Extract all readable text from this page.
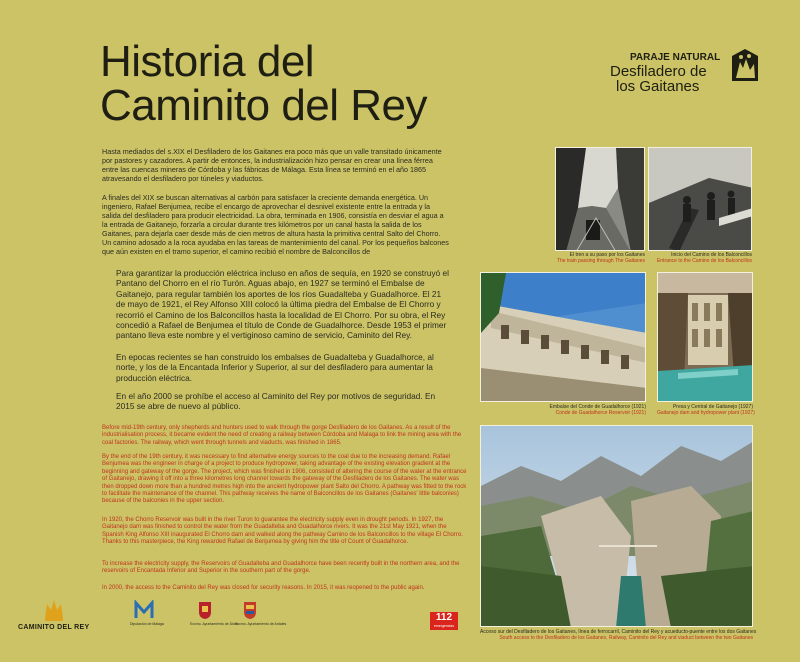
Historia del
Caminito del Rey
PARAJE NATURAL
Desfiladero de
los Gaitanes

Hasta mediados del s.XIX el Desfiladero de los Gaitanes era poco más que un valle transitado únicamente por pastores y cazadores. A partir de entonces, la industrialización hizo pensar en crear una línea férrea entre las cuencas mineras de Córdoba y las fábricas de Málaga. Esta línea se terminó en el año 1865 atravesando el desfiladero por túneles y viaductos.

A finales del XIX se buscan alternativas al carbón para satisfacer la creciente demanda energética. Un ingeniero, Rafael Benjumea, recibe el encargo de aprovechar el desnivel existente entre la entrada y la salida del desfiladero para producir electricidad. La obra, terminada en 1906, consistía en desviar el agua a la entrada de Gaitanejo, forzarla a circular durante tres kilómetros por un canal hasta la salida de los Gaitanes, para dejarla caer desde más de cien metros de altura hasta la primitiva central Salto del Chorro. Un camino adosado a la roca ayudaba en las tareas de mantenimiento del canal. Por los pequeños balcones que aún existen en el tramo superior, el camino recibió el nombre de Balconcillos de

Para garantizar la producción eléctrica incluso en años de sequía, en 1920 se construyó el Pantano del Chorro en el río Turón. Aguas abajo, en 1927 se terminó el Embalse de Gaitanejo, para regular también los aportes de los ríos Guadalteba y Guadalhorce. El 21 de mayo de 1921, el Rey Alfonso XIII colocó la última piedra del Embalse de El Chorro y recorrió el Camino de los Balconcillos hasta la localidad de El Chorro. Por su obra, el Rey concedió a Rafael de Benjumea el título de Conde de Guadalhorce. Desde 1953 el primer pantano lleva este nombre y el vertiginoso camino de servicio, Caminito del Rey.

En epocas recientes se han construido los embalses de Guadalteba y Guadalhorce, al norte, y los de la Encantada Inferior y Superior, al sur del desfiladero para aumentar la producción eléctrica.

En el año 2000 se prohíbe el acceso al Caminito del Rey por motivos de seguridad. En 2015 se abre de nuevo al público.

Before mid-19th century, only shepherds and hunters used to walk through the gorge Desfiladero de los Gaitanes. As a result of the industrialisation process, it became evident the need of creating a railway between Córdoba and Malaga to link the mining area with the coal factories. The railway, which went through tunnels and viaducts, was finished in 1865.

By the end of the 19th century, it was necessary to find alternative energy sources to the coal due to the increasing demand. Rafael Benjumea was the engineer in charge of a project to produce hydropower, taking advantage of the existing elevation gradient at the beginning and gateway of the gorge. The project, which was finished in 1906, consisted of altering the course of the water at the entrance of Gaitanejo, drawing it off into a three kilometres long channel towards the gateway of the Desfiladero de los Gaitanes. The water was then dropped down more than a hundred metres high into the ancient hydropower plant Salto del Chorro. A pathway was fitted to the rock to facilitate the maintenance of the channel. This pathway receives the name of Balconcillos de los Gaitanes (Gaitanes' little balconies) because of the balconies in the upper section.

In 1920, the Chorro Reservoir was built in the river Turon to guarantee the electricity supply even in drought periods. In 1927, the Gaitanejo dam was finished to control the water from the Guadalteba and Guadalhorce rivers. It was the 21st May 1921, when the Spanish King Alfonso XIII inaugurated El Chorro dam and walked along the pathway Camino de los Balconcillos to the village El Chorro. Thanks to this masterpiece, the King rewarded Rafael de Benjumea by giving him the title of Count of Guadalhorce.

To increase the electricity supply, the Reservoirs of Guadalteba and Guadalhorce have been recently built in the northern area, and the reservoirs of Encantada Inferior and Superior in the southern part of the gorge.

In 2000, the access to the Caminito del Rey was closed for security reasons. In 2015, it was reopened to the public again.

El tren a su paso por los Gaitanes
The train passing through The Gaitanes
Inicio del Camino de los Balconcillos
Entrance to the Camino de los Balconcillos
Embalse del Conde de Guadalhorce (1921)
Conde de Guadalhorce Reservoir (1921)
Presa y Central de Gaitanejo (1927)
Gaitanejo dam and hydropower plant (1927)
Acceso sur del Desfiladero de los Gaitanes, línea de ferrocarril, Caminito del Rey y acueducto-puente entre los dos Gaitanes
South access to the Desfiladero de los Gaitanes, Railway, Caminito del Rey and viaduct between the two Gaitanes
CAMINITO DEL REY	Diputación de Málaga	Excmo. Ayuntamiento de Álora
Excmo. Ayuntamiento de Ardales
112
emergencias
